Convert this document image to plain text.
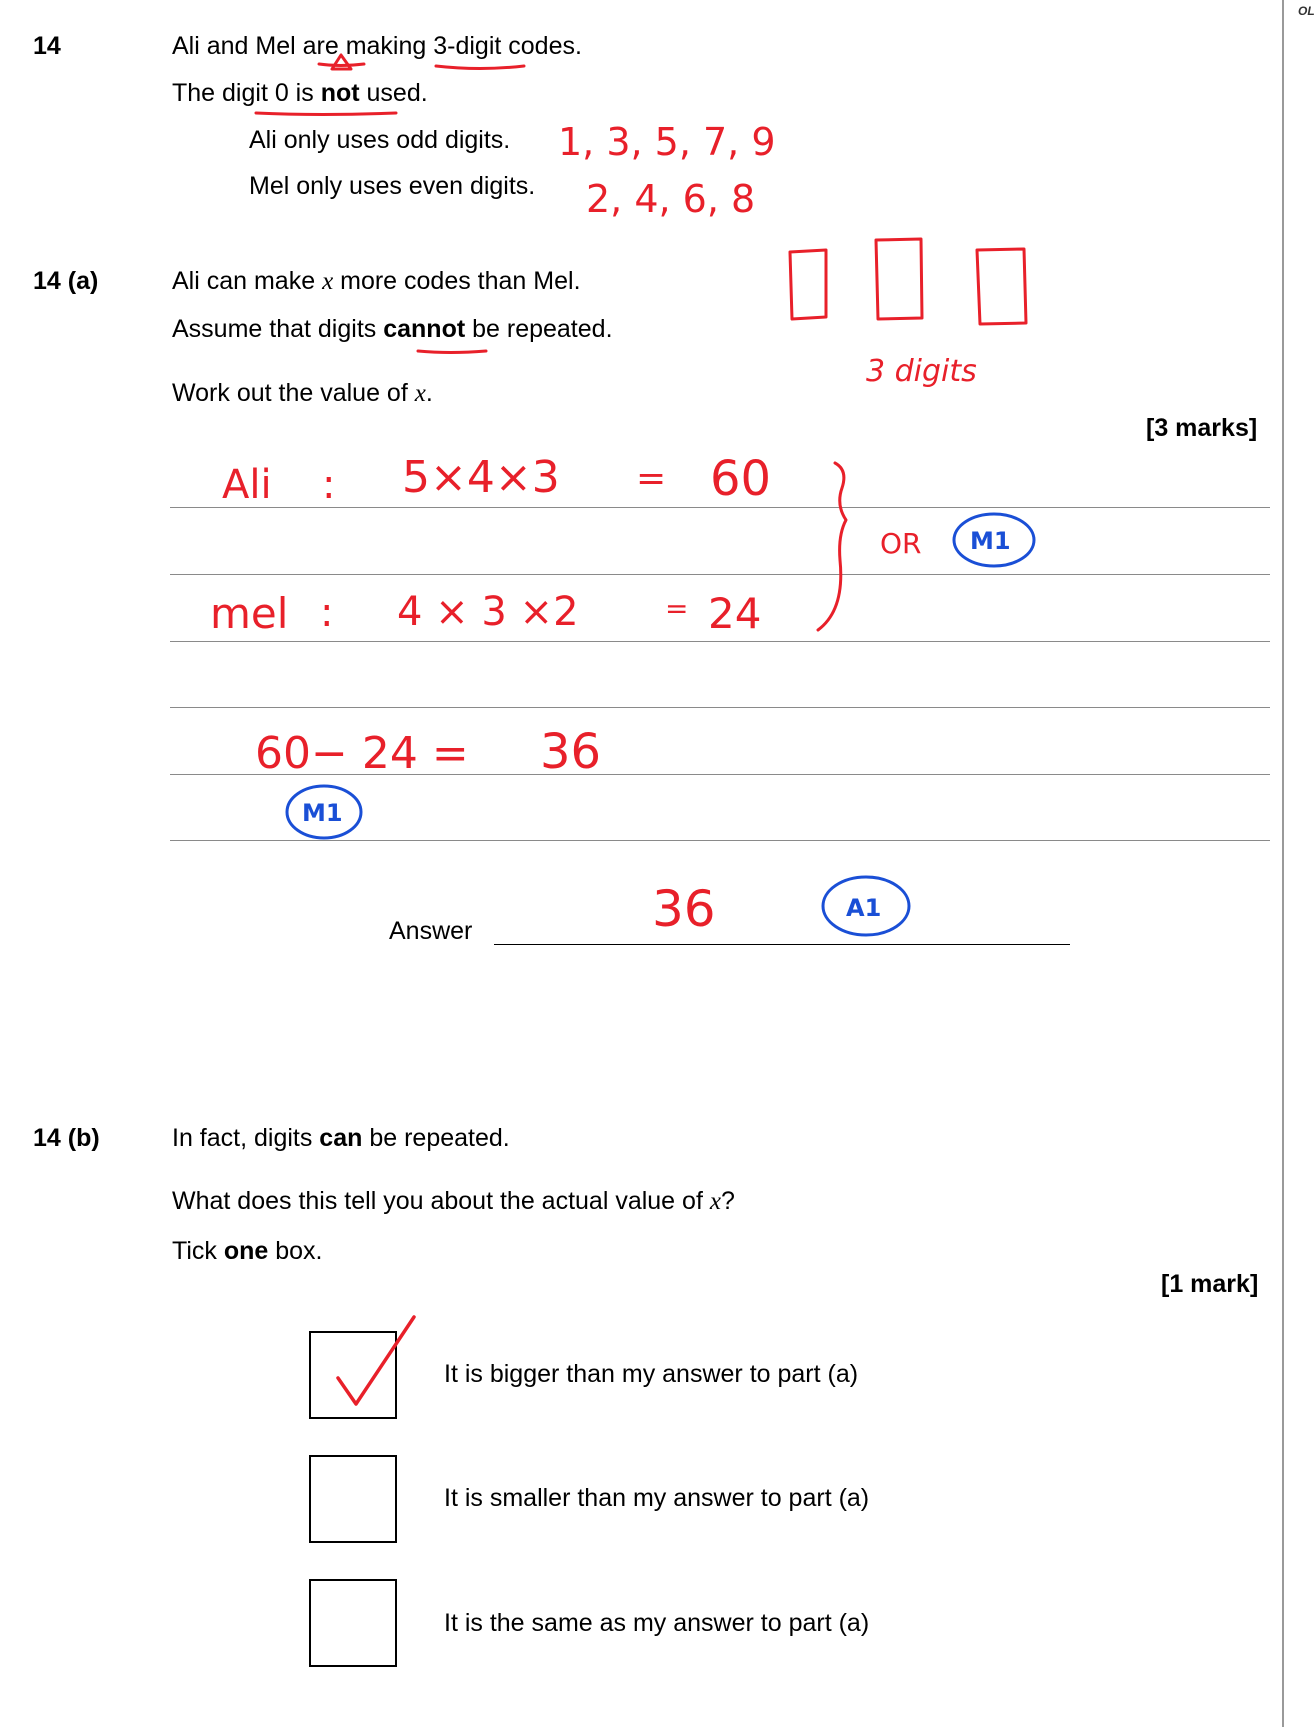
OL
14	Ali and Mel are making 3-digit codes.
The digit 0 is not used.
Ali only uses odd digits.
Mel only uses even digits.
14 (a)	Ali can make x more codes than Mel.
Assume that digits cannot be repeated.
Work out the value of x.
[3 marks]
Answer
14 (b)	In fact, digits can be repeated.
What does this tell you about the actual value of x?
Tick one box.
[1 mark]
It is bigger than my answer to part (a)
It is smaller than my answer to part (a)
It is the same as my answer to part (a)
1, 3, 5, 7, 9
2, 4, 6, 8
3 digits
Ali : 5×4×3 = 60
mel : 4 × 3 ×2	= 24
OR
60− 24 = 36
36
M1
M1
A1
